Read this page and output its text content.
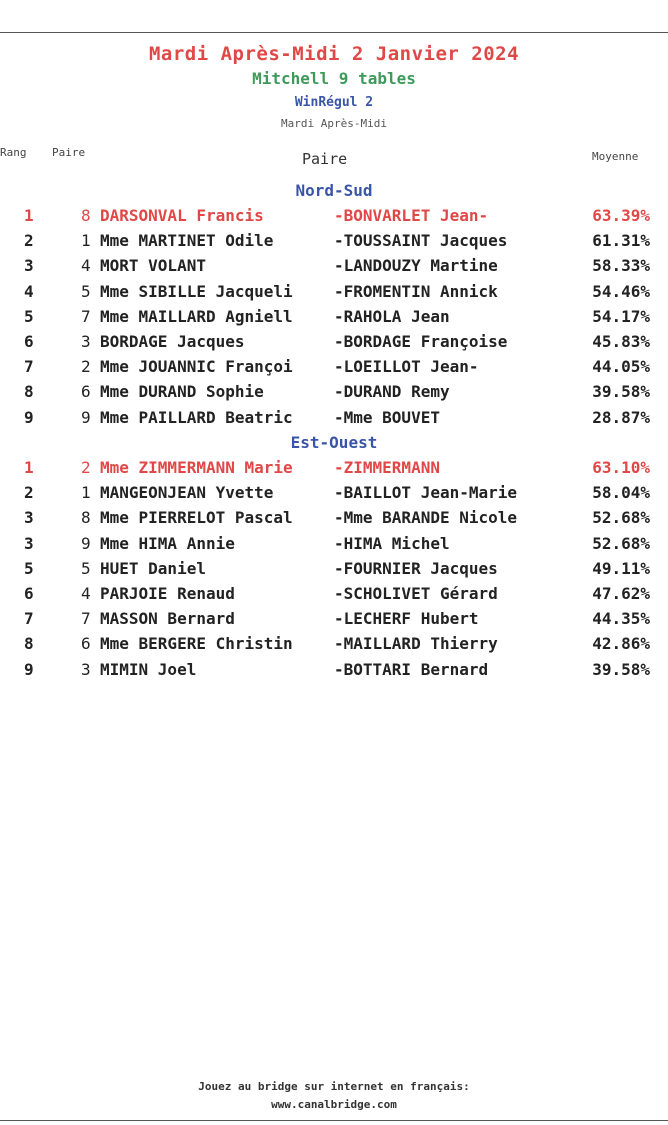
Mardi Après-Midi 2 Janvier 2024
Mitchell 9 tables
WinRégul 2
Mardi Après-Midi
Rang Paire	Paire	Moyenne
Nord-Sud
1	8 DARSONVAL Francis	-BONVARLET Jean-	63.39%
2	1 Mme MARTINET Odile	-TOUSSAINT Jacques	61.31%
3	4 MORT VOLANT	-LANDOUZY Martine	58.33%
4	5 Mme SIBILLE Jacqueli	-FROMENTIN Annick	54.46%
5	7 Mme MAILLARD Agniell	-RAHOLA Jean	54.17%
6	3 BORDAGE Jacques	-BORDAGE Françoise	45.83%
7	2 Mme JOUANNIC Françoi	-LOEILLOT Jean-	44.05%
8	6 Mme DURAND Sophie	-DURAND Remy	39.58%
9	9 Mme PAILLARD Beatric	-Mme BOUVET	28.87%
Est-Ouest
1	2 Mme ZIMMERMANN Marie	-ZIMMERMANN	63.10%
2	1 MANGEONJEAN Yvette	-BAILLOT Jean-Marie	58.04%
3	8 Mme PIERRELOT Pascal	-Mme BARANDE Nicole	52.68%
3	9 Mme HIMA Annie	-HIMA Michel	52.68%
5	5 HUET Daniel	-FOURNIER Jacques	49.11%
6	4 PARJOIE Renaud	-SCHOLIVET Gérard	47.62%
7	7 MASSON Bernard	-LECHERF Hubert	44.35%
8	6 Mme BERGERE Christin	-MAILLARD Thierry	42.86%
9	3 MIMIN Joel	-BOTTARI Bernard	39.58%
Jouez au bridge sur internet en français:
www.canalbridge.com
